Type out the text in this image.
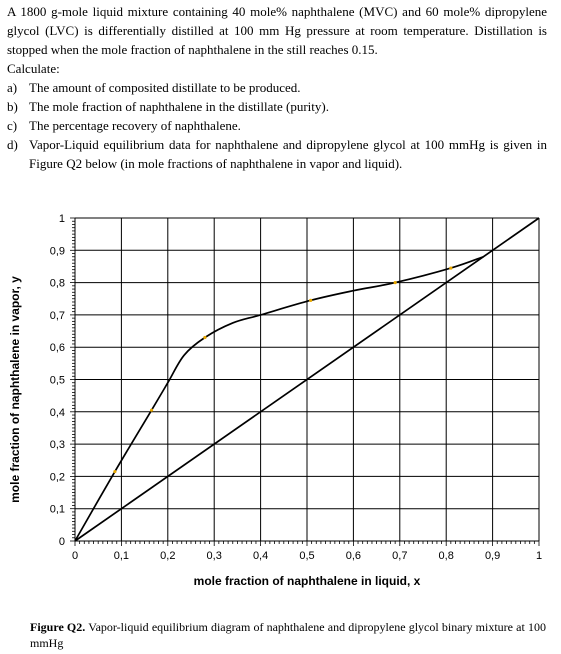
A 1800 g-mole liquid mixture containing 40 mole% naphthalene (MVC) and 60 mole% dipropylene glycol (LVC) is differentially distilled at 100 mm Hg pressure at room temperature. Distillation is stopped when the mole fraction of naphthalene in the still reaches 0.15.

Calculate:

a) The amount of composited distillate to be produced.
b) The mole fraction of naphthalene in the distillate (purity).
c) The percentage recovery of naphthalene.
d) Vapor-Liquid equilibrium data for naphthalene and dipropylene glycol at 100 mmHg is given in Figure Q2 below (in mole fractions of naphthalene in vapor and liquid).
0	0,1	0,2	0,3	0,4	0,5	0,6	0,7	0,8	0,9	1
0
0,1
0,2
0,3
0,4
0,5
0,6
0,7
0,8
0,9
1
mole fraction of naphthalene in liquid, x
mole fraction of naphthalene in vapor, y
Figure Q2. Vapor-liquid equilibrium diagram of naphthalene and dipropylene glycol binary mixture at 100 mmHg
